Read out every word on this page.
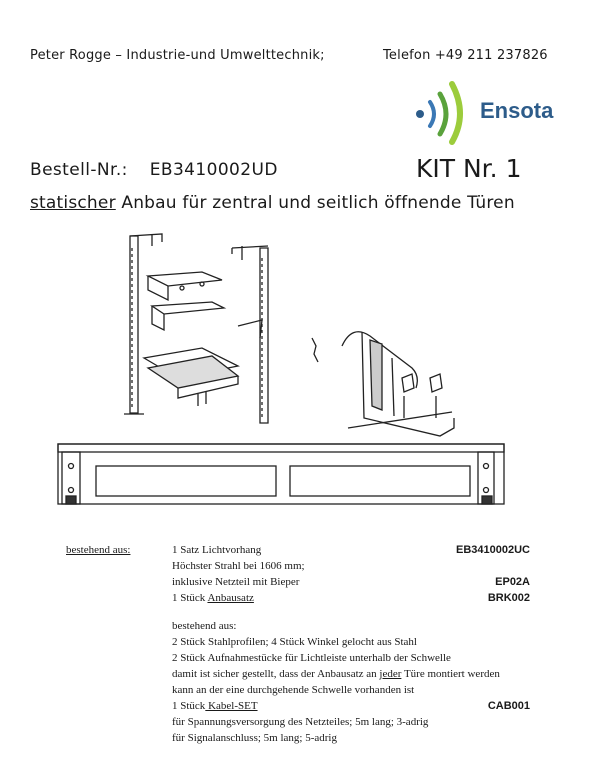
Peter Rogge – Industrie-und Umwelttechnik;	Telefon +49 211 237826
Ensota
Bestell-Nr.: EB3410002UD	KIT Nr. 1
statischer Anbau für zentral und seitlich öffnende Türen
bestehend aus:	1 Satz Lichtvorhang	EB3410002UC
Höchster Strahl bei 1606 mm;
inklusive Netzteil mit Bieper	EP02A
1 Stück Anbausatz	BRK002
bestehend aus:
2 Stück Stahlprofilen; 4 Stück Winkel gelocht aus Stahl
2 Stück Aufnahmestücke für Lichtleiste unterhalb der Schwelle
damit ist sicher gestellt, dass der Anbausatz an jeder Türe montiert werden
kann an der eine durchgehende Schwelle vorhanden ist
1 Stück Kabel-SET	CAB001
für Spannungsversorgung des Netzteiles; 5m lang; 3-adrig
für Signalanschluss; 5m lang; 5-adrig
